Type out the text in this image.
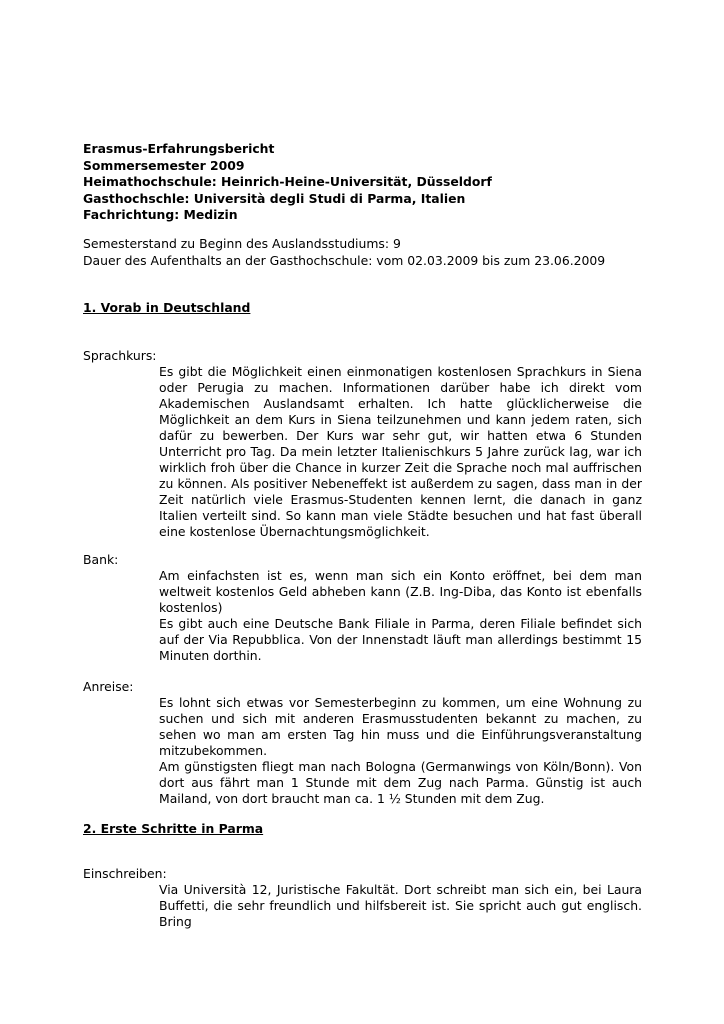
Erasmus-Erfahrungsbericht
Sommersemester 2009
Heimathochschule: Heinrich-Heine-Universität, Düsseldorf
Gasthochschle: Università degli Studi di Parma, Italien
Fachrichtung: Medizin
Semesterstand zu Beginn des Auslandsstudiums: 9
Dauer des Aufenthalts an der Gasthochschule: vom 02.03.2009 bis zum 23.06.2009
1. Vorab in Deutschland
Sprachkurs:

Es gibt die Möglichkeit einen einmonatigen kostenlosen Sprachkurs in Siena oder Perugia zu machen. Informationen darüber habe ich direkt vom Akademischen Auslandsamt erhalten. Ich hatte glücklicherweise die Möglichkeit an dem Kurs in Siena teilzunehmen und kann jedem raten, sich dafür zu bewerben. Der Kurs war sehr gut, wir hatten etwa 6 Stunden Unterricht pro Tag. Da mein letzter Italienischkurs 5 Jahre zurück lag, war ich wirklich froh über die Chance in kurzer Zeit die Sprache noch mal auffrischen zu können. Als positiver Nebeneffekt ist außerdem zu sagen, dass man in der Zeit natürlich viele Erasmus-Studenten kennen lernt, die danach in ganz Italien verteilt sind. So kann man viele Städte besuchen und hat fast überall eine kostenlose Übernachtungsmöglichkeit.

Bank:

Am einfachsten ist es, wenn man sich ein Konto eröffnet, bei dem man weltweit kostenlos Geld abheben kann (Z.B. Ing-Diba, das Konto ist ebenfalls kostenlos)

Es gibt auch eine Deutsche Bank Filiale in Parma, deren Filiale befindet sich auf der Via Repubblica. Von der Innenstadt läuft man allerdings bestimmt 15 Minuten dorthin.

Anreise:

Es lohnt sich etwas vor Semesterbeginn zu kommen, um eine Wohnung zu suchen und sich mit anderen Erasmusstudenten bekannt zu machen, zu sehen wo man am ersten Tag hin muss und die Einführungsveranstaltung mitzubekommen.

Am günstigsten fliegt man nach Bologna (Germanwings von Köln/Bonn). Von dort aus fährt man 1 Stunde mit dem Zug nach Parma. Günstig ist auch Mailand, von dort braucht man ca. 1 ½ Stunden mit dem Zug.

2. Erste Schritte in Parma
Einschreiben:

Via Università 12, Juristische Fakultät. Dort schreibt man sich ein, bei Laura Buffetti, die sehr freundlich und hilfsbereit ist. Sie spricht auch gut englisch. Bring
